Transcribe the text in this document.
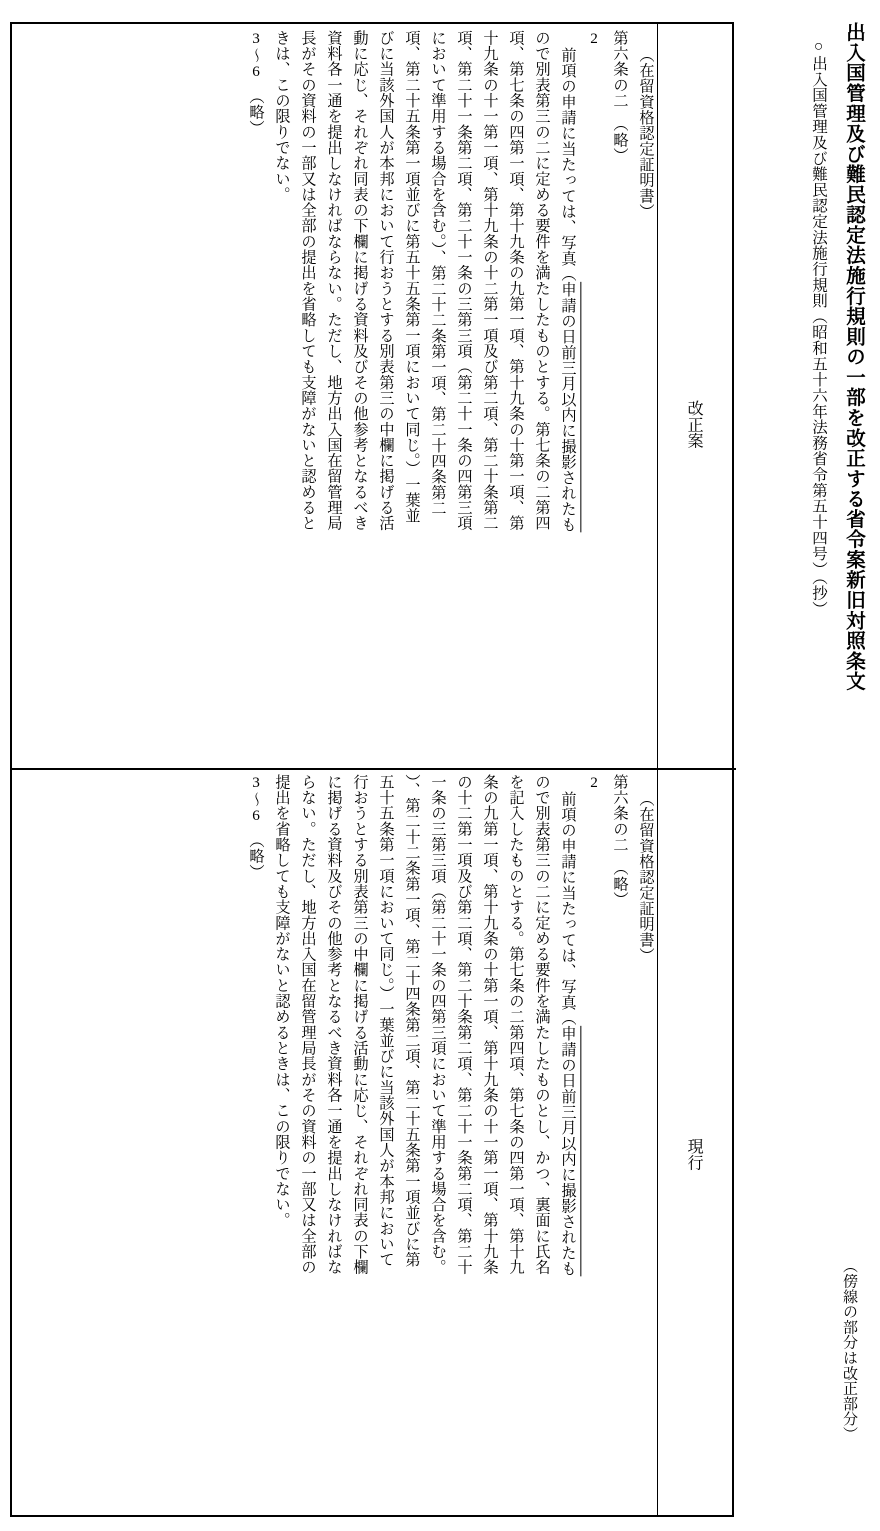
出入国管理及び難民認定法施行規則の一部を改正する省令案新旧対照条文
○出入国管理及び難民認定法施行規則（昭和五十六年法務省令第五十四号）（抄）
（傍線の部分は改正部分）
改正案
現行
（在留資格認定証明書）
第六条の二　（略）
2
前項の申請に当たっては、写真（申請の日前三月以内に撮影されたも
ので別表第三の二に定める要件を満たしたものとする。第七条の二第四
項、第七条の四第一項、第十九条の九第一項、第十九条の十第一項、第
十九条の十一第一項、第十九条の十二第一項及び第二項、第二十条第二
項、第二十一条第二項、第二十一条の三第三項（第二十一条の四第三項
において準用する場合を含む。）、第二十二条第一項、第二十四条第二
項、第二十五条第一項並びに第五十五条第一項において同じ。）一葉並
びに当該外国人が本邦において行おうとする別表第三の中欄に掲げる活
動に応じ、それぞれ同表の下欄に掲げる資料及びその他参考となるべき
資料各一通を提出しなければならない。ただし、地方出入国在留管理局
長がその資料の一部又は全部の提出を省略しても支障がないと認めると
きは、この限りでない。
3〜6　（略）
（在留資格認定証明書）
第六条の二　（略）
2
前項の申請に当たっては、写真（申請の日前三月以内に撮影されたも
ので別表第三の二に定める要件を満たしたものとし、かつ、裏面に氏名
を記入したものとする。第七条の二第四項、第七条の四第一項、第十九
条の九第一項、第十九条の十第一項、第十九条の十一第一項、第十九条
の十二第一項及び第二項、第二十条第二項、第二十一条第二項、第二十
一条の三第三項（第二十一条の四第三項において準用する場合を含む。
）、第二十二条第一項、第二十四条第二項、第二十五条第一項並びに第
五十五条第一項において同じ。）一葉並びに当該外国人が本邦において
行おうとする別表第三の中欄に掲げる活動に応じ、それぞれ同表の下欄
に掲げる資料及びその他参考となるべき資料各一通を提出しなければな
らない。ただし、地方出入国在留管理局長がその資料の一部又は全部の
提出を省略しても支障がないと認めるときは、この限りでない。
3〜6　（略）
